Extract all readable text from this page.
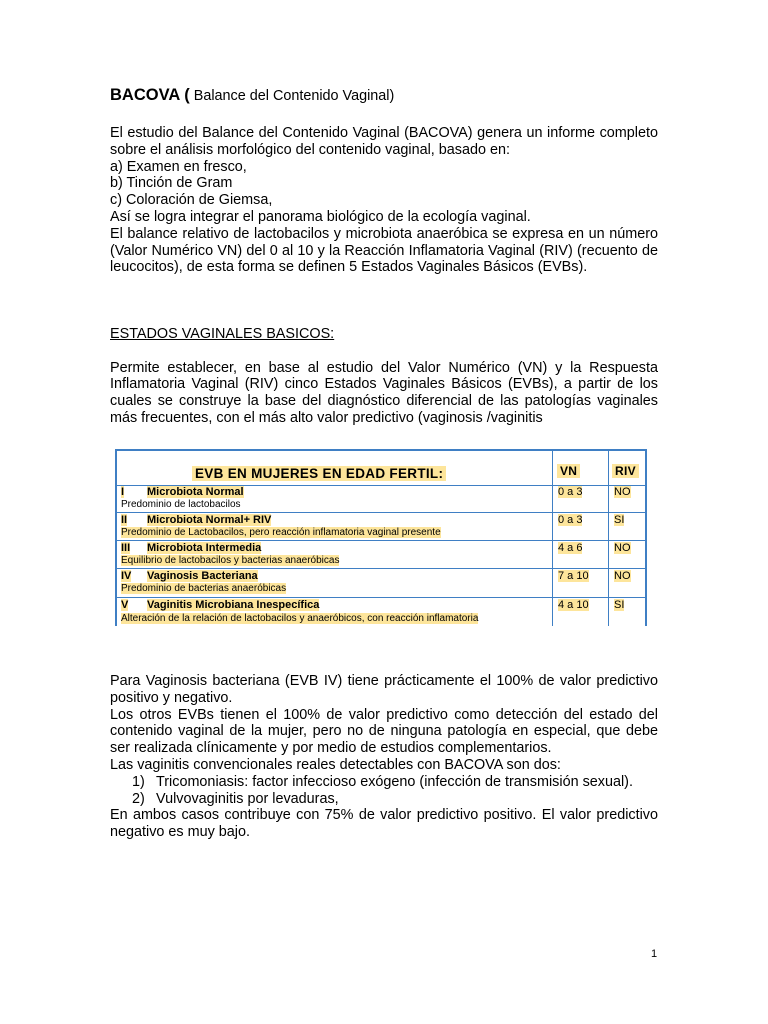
BACOVA ( Balance del Contenido Vaginal)

El estudio del Balance del Contenido Vaginal (BACOVA) genera un informe completo sobre el análisis morfológico del contenido vaginal, basado en:

a) Examen en fresco,

b) Tinción de Gram

c) Coloración de Giemsa,

Así se logra integrar el panorama biológico de la ecología vaginal.

El balance relativo de lactobacilos y microbiota anaeróbica se expresa en un número (Valor Numérico VN) del 0 al 10 y la Reacción Inflamatoria Vaginal (RIV) (recuento de leucocitos), de esta forma se definen 5 Estados Vaginales Básicos (EVBs).

ESTADOS VAGINALES BASICOS:

Permite establecer, en base al estudio del Valor Numérico (VN) y la Respuesta Inflamatoria Vaginal (RIV) cinco Estados Vaginales Básicos (EVBs), a partir de los cuales se construye la base del diagnóstico diferencial de las patologías vaginales más frecuentes, con el más alto valor predictivo (vaginosis /vaginitis

EVB EN MUJERES EN EDAD FERTIL:	VN	RIV
I Microbiota Normal
Predominio de lactobacilos
0 a 3	NO
II Microbiota Normal+ RIV
Predominio de Lactobacilos, pero reacción inflamatoria vaginal presente
0 a 3	SI
III Microbiota Intermedia
Equilibrio de lactobacilos y bacterias anaeróbicas
4 a 6	NO
IV Vaginosis Bacteriana
Predominio de bacterias anaeróbicas
7 a 10 NO
V Vaginitis Microbiana Inespecífica
Alteración de la relación de lactobacilos y anaeróbicos, con reacción inflamatoria
4 a 10 SI

Para Vaginosis bacteriana (EVB IV) tiene prácticamente el 100% de valor predictivo positivo y negativo.

Los otros EVBs tienen el 100% de valor predictivo como detección del estado del contenido vaginal de la mujer, pero no de ninguna patología en especial, que debe ser realizada clínicamente y por medio de estudios complementarios.

Las vaginitis convencionales reales detectables con BACOVA son dos:

1) Tricomoniasis: factor infeccioso exógeno (infección de transmisión sexual).
2) Vulvovaginitis por levaduras,

En ambos casos contribuye con 75% de valor predictivo positivo. El valor predictivo negativo es muy bajo.

1
